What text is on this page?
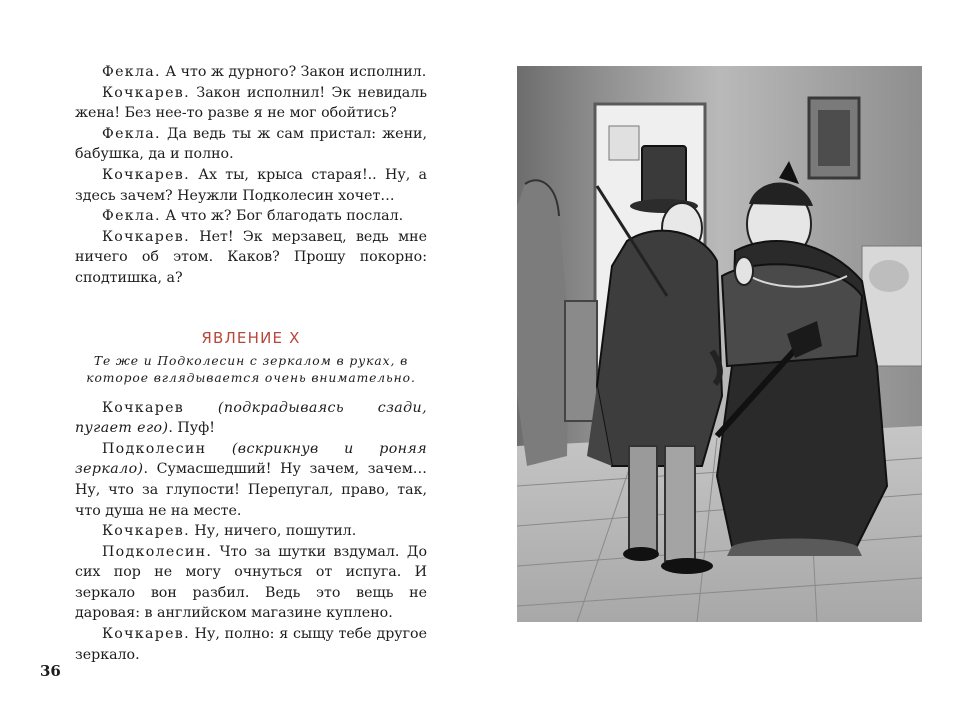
Фекла. А что ж дурного? Закон исполнил.

Кочкарев. Закон исполнил! Эк невидаль жена! Без нее-то разве я не мог обойтись?

Фекла. Да ведь ты ж сам пристал: жени, бабушка, да и полно.

Кочкарев. Ах ты, крыса старая!.. Ну, а здесь зачем? Неужли Подколесин хочет…

Фекла. А что ж? Бог благодать послал.

Кочкарев. Нет! Эк мерзавец, ведь мне ничего об этом. Каков? Прошу покорно: сподтишка, а?

ЯВЛЕНИЕ X

Те же и Подколесин с зеркалом в руках, в которое вглядывается очень внимательно.

Кочкарев (подкрадываясь сзади, пугает его). Пуф!

Подколесин (вскрикнув и роняя зеркало). Сумасшедший! Ну зачем, зачем… Ну, что за глупости! Перепугал, право, так, что душа не на месте.

Кочкарев. Ну, ничего, пошутил.

Подколесин. Что за шутки вздумал. До сих пор не могу очнуться от испуга. И зеркало вон разбил. Ведь это вещь не даровая: в английском магазине куплено.

Кочкарев. Ну, полно: я сыщу тебе другое зеркало.

36
